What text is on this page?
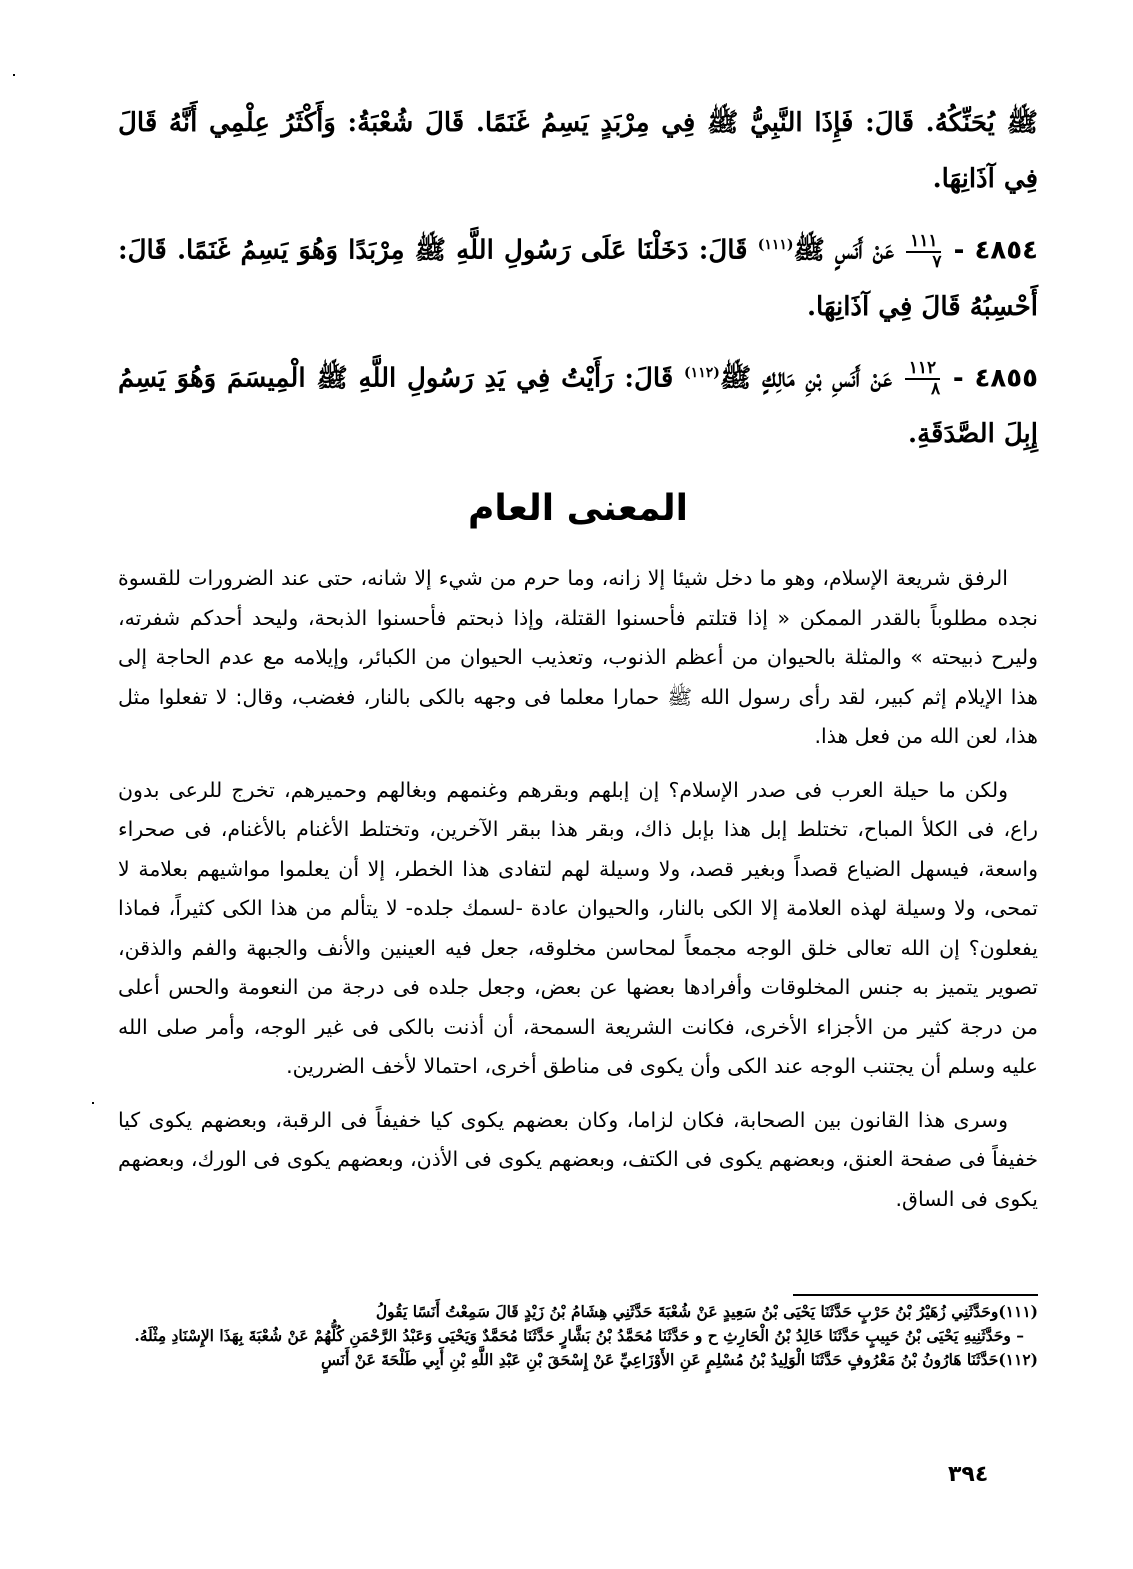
ﷺ يُحَنِّكُهُ. قَالَ: فَإِذَا النَّبِيُّ ﷺ فِي مِرْبَدٍ يَسِمُ غَنَمًا. قَالَ شُعْبَةُ: وَأَكْثَرُ عِلْمِي أَنَّهُ قَالَ فِي آذَانِهَا.

٤٨٥٤ -
$\frac{١١١}{٧}$
عَنْ أَنَسٍ ﷺ$^{(١١١)}$ قَالَ: دَخَلْنَا عَلَى رَسُولِ اللَّهِ ﷺ مِرْبَدًا وَهُوَ يَسِمُ غَنَمًا. قَالَ: أَحْسِبُهُ قَالَ فِي آذَانِهَا.

٤٨٥٥ -
$\frac{١١٢}{٨}$
عَنْ أَنَسِ بْنِ مَالِكٍ ﷺ$^{(١١٢)}$ قَالَ: رَأَيْتُ فِي يَدِ رَسُولِ اللَّهِ ﷺ الْمِيسَمَ وَهُوَ يَسِمُ إِبِلَ الصَّدَقَةِ.

المعنى العام

الرفق شريعة الإسلام، وهو ما دخل شيئا إلا زانه، وما حرم من شيء إلا شانه، حتى عند الضرورات للقسوة نجده مطلوباً بالقدر الممكن « إذا قتلتم فأحسنوا القتلة، وإذا ذبحتم فأحسنوا الذبحة، وليحد أحدكم شفرته، وليرح ذبيحته » والمثلة بالحيوان من أعظم الذنوب، وتعذيب الحيوان من الكبائر، وإيلامه مع عدم الحاجة إلى هذا الإيلام إثم كبير، لقد رأى رسول الله ﷺ حمارا معلما فى وجهه بالكى بالنار، فغضب، وقال: لا تفعلوا مثل هذا، لعن الله من فعل هذا.

ولكن ما حيلة العرب فى صدر الإسلام؟ إن إبلهم وبقرهم وغنمهم وبغالهم وحميرهم، تخرج للرعى بدون راع، فى الكلأ المباح، تختلط إبل هذا بإبل ذاك، وبقر هذا ببقر الآخرين، وتختلط الأغنام بالأغنام، فى صحراء واسعة، فيسهل الضياع قصداً وبغير قصد، ولا وسيلة لهم لتفادى هذا الخطر، إلا أن يعلموا مواشيهم بعلامة لا تمحى، ولا وسيلة لهذه العلامة إلا الكى بالنار، والحيوان عادة -لسمك جلده- لا يتألم من هذا الكى كثيراً، فماذا يفعلون؟ إن الله تعالى خلق الوجه مجمعاً لمحاسن مخلوقه، جعل فيه العينين والأنف والجبهة والفم والذقن، تصوير يتميز به جنس المخلوقات وأفرادها بعضها عن بعض، وجعل جلده فى درجة من النعومة والحس أعلى من درجة كثير من الأجزاء الأخرى، فكانت الشريعة السمحة، أن أذنت بالكى فى غير الوجه، وأمر صلى الله عليه وسلم أن يجتنب الوجه عند الكى وأن يكوى فى مناطق أخرى، احتمالا لأخف الضررين.

وسرى هذا القانون بين الصحابة، فكان لزاما، وكان بعضهم يكوى كيا خفيفاً فى الرقبة، وبعضهم يكوى كيا خفيفاً فى صفحة العنق، وبعضهم يكوى فى الكتف، وبعضهم يكوى فى الأذن، وبعضهم يكوى فى الورك، وبعضهم يكوى فى الساق.

(١١١)وحَدَّثَنِي زُهَيْرُ بْنُ حَرْبٍ حَدَّثَنَا يَحْيَى بْنُ سَعِيدٍ عَنْ شُعْبَةَ حَدَّثَنِي هِشَامُ بْنُ زَيْدٍ قَالَ سَمِعْتُ أَنَسًا يَقُولُ

– وحَدَّثَنِيهِ يَحْيَى بْنُ حَبِيبٍ حَدَّثَنَا خَالِدُ بْنُ الْحَارِثِ ح و حَدَّثَنَا مُحَمَّدُ بْنُ بَشَّارٍ حَدَّثَنَا مُحَمَّدٌ وَيَحْيَى وَعَبْدُ الرَّحْمَنِ كُلُّهُمْ عَنْ شُعْبَةَ بِهَذَا الإِسْنَادِ مِثْلَهُ.

(١١٢)حَدَّثَنَا هَارُونُ بْنُ مَعْرُوفٍ حَدَّثَنَا الْوَلِيدُ بْنُ مُسْلِمٍ عَنِ الأَوْزَاعِيِّ عَنْ إِسْحَقَ بْنِ عَبْدِ اللَّهِ بْنِ أَبِي طَلْحَةَ عَنْ أَنَسٍ

٣٩٤
